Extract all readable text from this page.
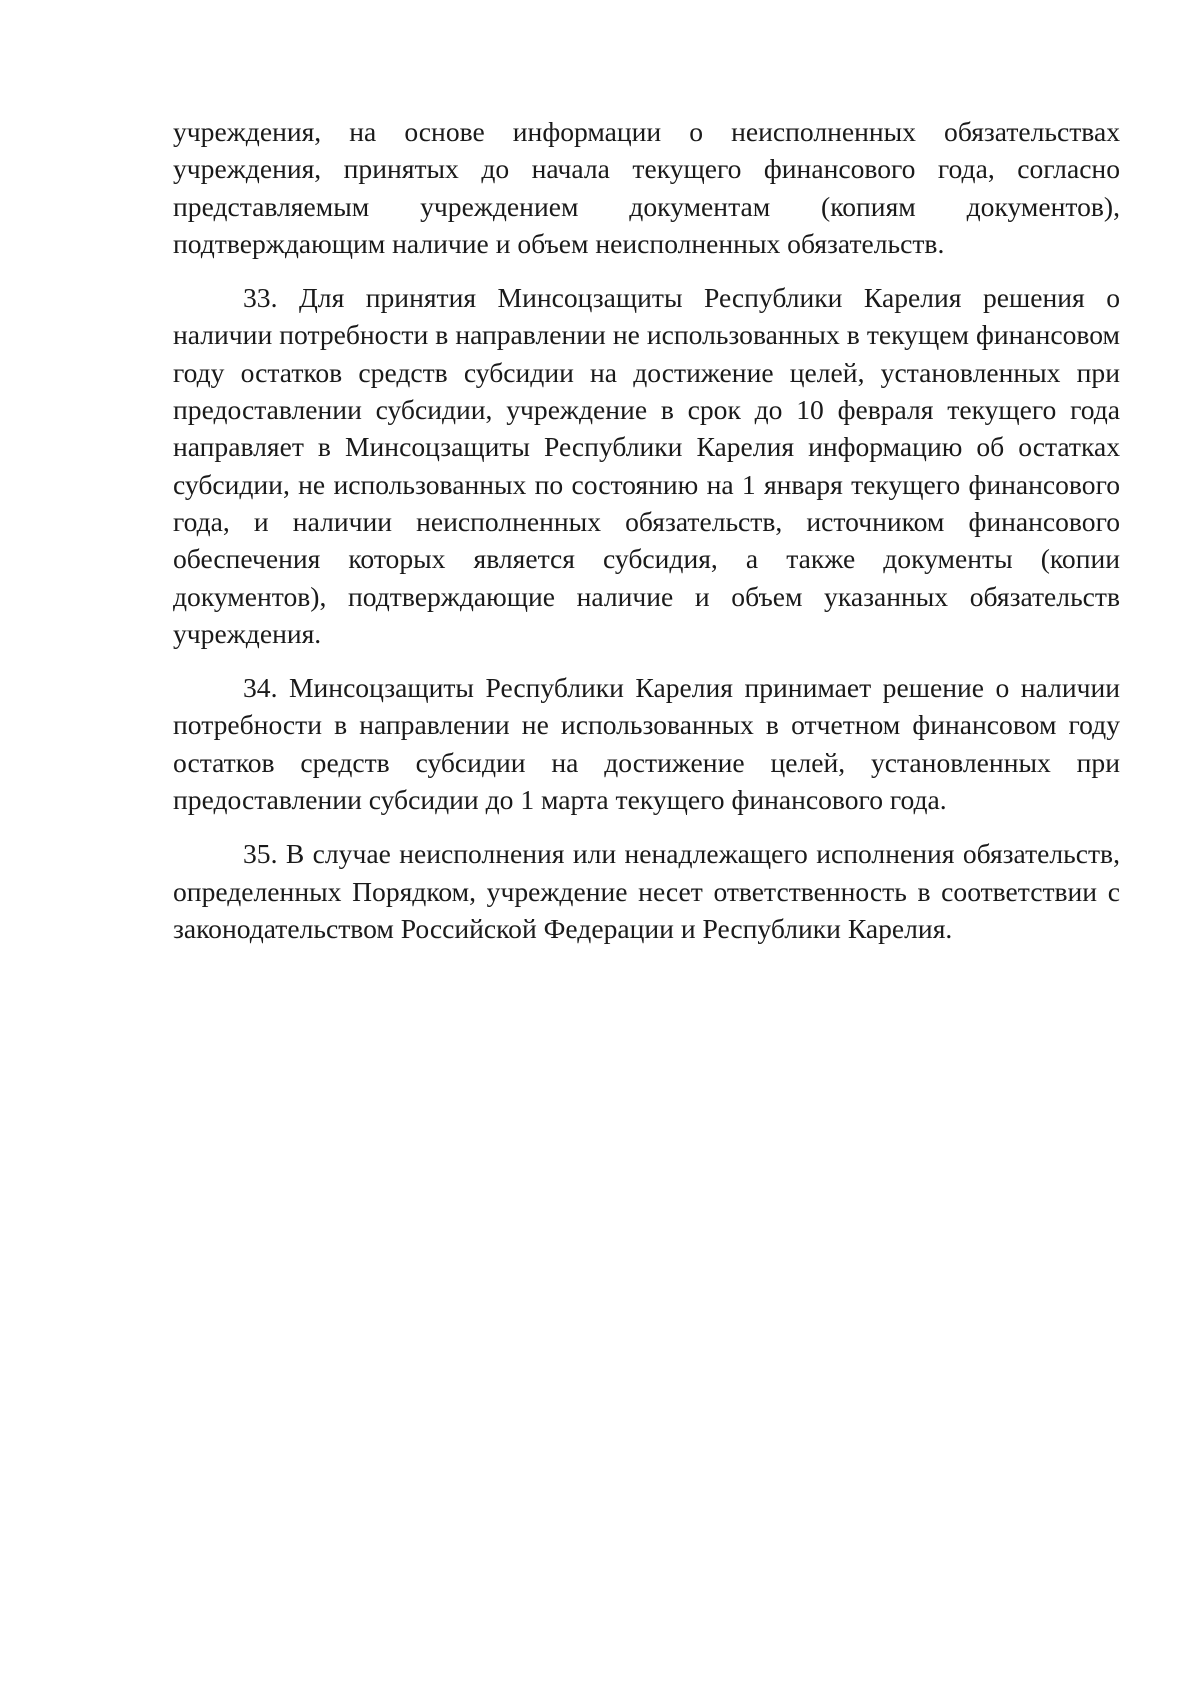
учреждения, на основе информации о неисполненных обязательствах учреждения, принятых до начала текущего финансового года, согласно представляемым учреждением документам (копиям документов), подтверждающим наличие и объем неисполненных обязательств.

33. Для принятия Минсоцзащиты Республики Карелия решения о наличии потребности в направлении не использованных в текущем финансовом году остатков средств субсидии на достижение целей, установленных при предоставлении субсидии, учреждение в срок до 10 февраля текущего года направляет в Минсоцзащиты Республики Карелия информацию об остатках субсидии, не использованных по состоянию на 1 января текущего финансового года, и наличии неисполненных обязательств, источником финансового обеспечения которых является субсидия, а также документы (копии документов), подтверждающие наличие и объем указанных обязательств учреждения.

34. Минсоцзащиты Республики Карелия принимает решение о наличии потребности в направлении не использованных в отчетном финансовом году остатков средств субсидии на достижение целей, установленных при предоставлении субсидии до 1 марта текущего финансового года.

35. В случае неисполнения или ненадлежащего исполнения обязательств, определенных Порядком, учреждение несет ответственность в соответствии с законодательством Российской Федерации и Республики Карелия.
